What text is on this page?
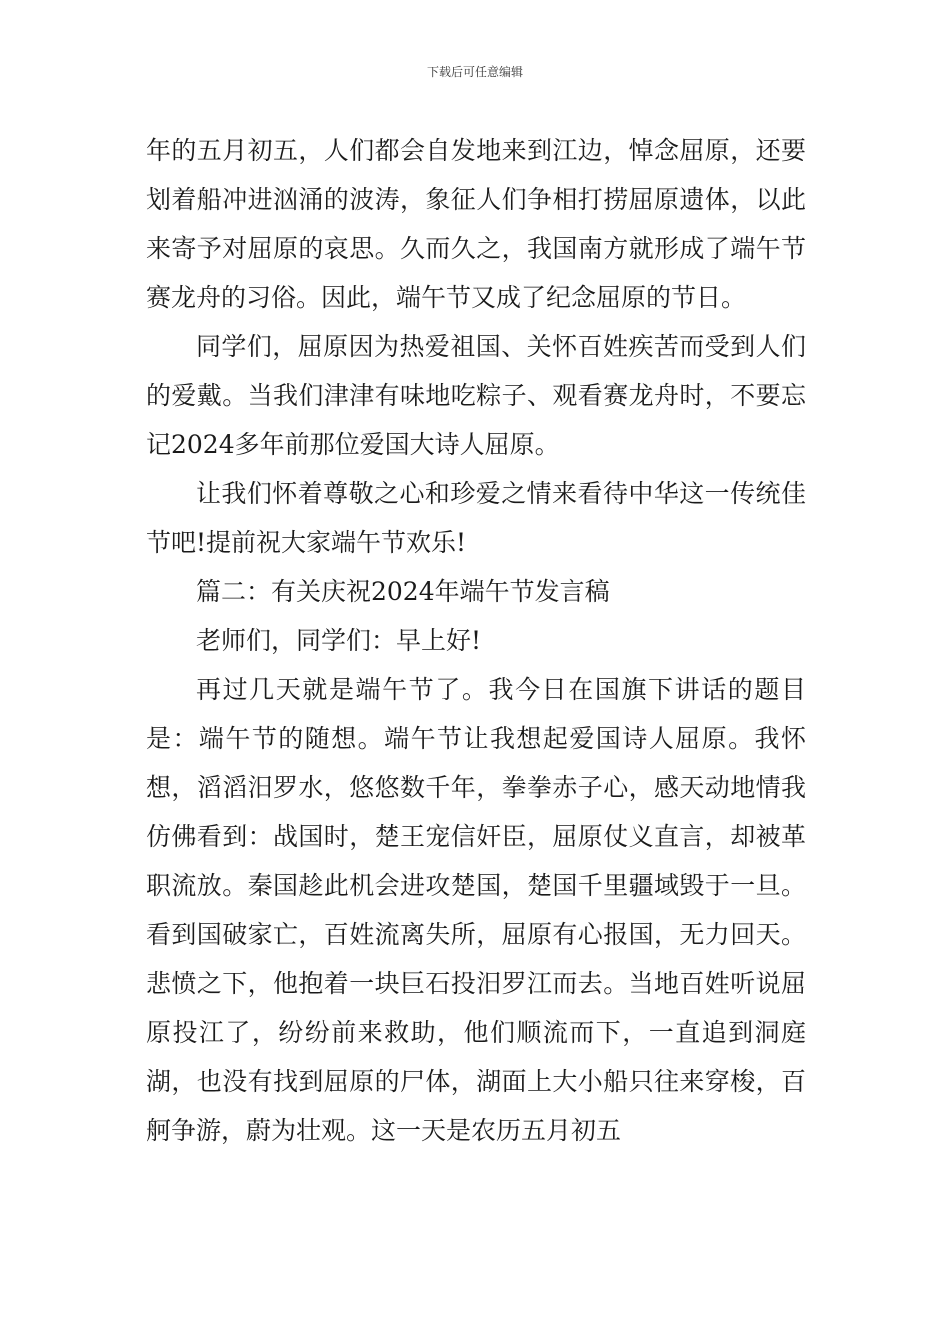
下载后可任意编辑

年的五月初五，人们都会自发地来到江边，悼念屈原，还要划着船冲进汹涌的波涛，象征人们争相打捞屈原遗体，以此来寄予对屈原的哀思。久而久之，我国南方就形成了端午节赛龙舟的习俗。因此，端午节又成了纪念屈原的节日。

同学们，屈原因为热爱祖国、关怀百姓疾苦而受到人们的爱戴。当我们津津有味地吃粽子、观看赛龙舟时，不要忘记2024多年前那位爱国大诗人屈原。

让我们怀着尊敬之心和珍爱之情来看待中华这一传统佳节吧!提前祝大家端午节欢乐!

篇二：有关庆祝2024年端午节发言稿

老师们，同学们：早上好!

再过几天就是端午节了。我今日在国旗下讲话的题目是：端午节的随想。端午节让我想起爱国诗人屈原。我怀想，滔滔汨罗水，悠悠数千年，拳拳赤子心，感天动地情我仿佛看到：战国时，楚王宠信奸臣，屈原仗义直言，却被革职流放。秦国趁此机会进攻楚国，楚国千里疆域毁于一旦。看到国破家亡，百姓流离失所，屈原有心报国，无力回天。悲愤之下，他抱着一块巨石投汨罗江而去。当地百姓听说屈原投江了，纷纷前来救助，他们顺流而下，一直追到洞庭湖，也没有找到屈原的尸体，湖面上大小船只往来穿梭，百舸争游，蔚为壮观。这一天是农历五月初五
